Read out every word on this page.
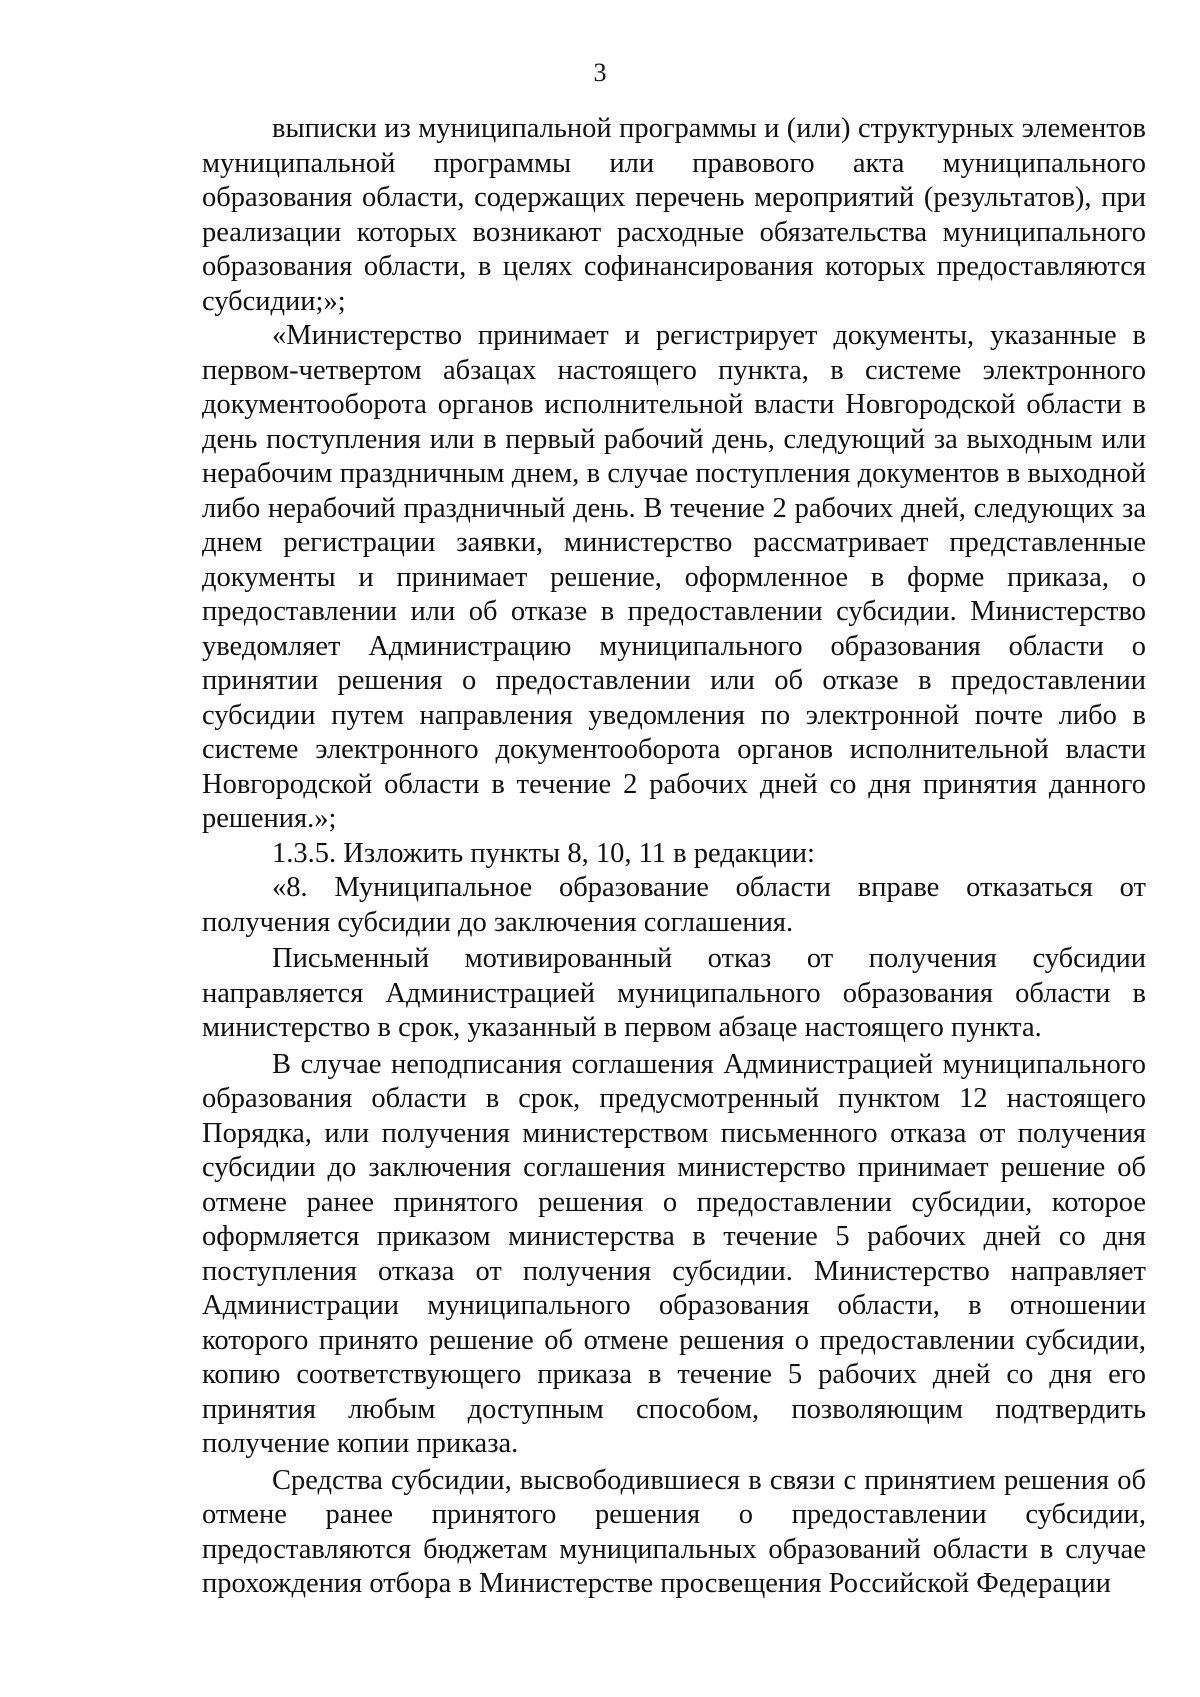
3

выписки из муниципальной программы и (или) структурных элементов муниципальной программы или правового акта муниципального образования области, содержащих перечень мероприятий (результатов), при реализации которых возникают расходные обязательства муниципального образования области, в целях софинансирования которых предоставляются субсидии;»;

«Министерство принимает и регистрирует документы, указанные в первом-четвертом абзацах настоящего пункта, в системе электронного документооборота органов исполнительной власти Новгородской области в день поступления или в первый рабочий день, следующий за выходным или нерабочим праздничным днем, в случае поступления документов в выходной либо нерабочий праздничный день. В течение 2 рабочих дней, следующих за днем регистрации заявки, министерство рассматривает представленные документы и принимает решение, оформленное в форме приказа, о предоставлении или об отказе в предоставлении субсидии. Министерство уведомляет Администрацию муниципального образования области о принятии решения о предоставлении или об отказе в предоставлении субсидии путем направления уведомления по электронной почте либо в системе электронного документооборота органов исполнительной власти Новгородской области в течение 2 рабочих дней со дня принятия данного решения.»;

1.3.5. Изложить пункты 8, 10, 11 в редакции:

«8. Муниципальное образование области вправе отказаться от получения субсидии до заключения соглашения.

Письменный мотивированный отказ от получения субсидии направляется Администрацией муниципального образования области в министерство в срок, указанный в первом абзаце настоящего пункта.

В случае неподписания соглашения Администрацией муниципального образования области в срок, предусмотренный пунктом 12 настоящего Порядка, или получения министерством письменного отказа от получения субсидии до заключения соглашения министерство принимает решение об отмене ранее принятого решения о предоставлении субсидии, которое оформляется приказом министерства в течение 5 рабочих дней со дня поступления отказа от получения субсидии. Министерство направляет Администрации муниципального образования области, в отношении которого принято решение об отмене решения о предоставлении субсидии, копию соответствующего приказа в течение 5 рабочих дней со дня его принятия любым доступным способом, позволяющим подтвердить получение копии приказа.

Средства субсидии, высвободившиеся в связи с принятием решения об отмене ранее принятого решения о предоставлении субсидии, предоставляются бюджетам муниципальных образований области в случае прохождения отбора в Министерстве просвещения Российской Федерации
